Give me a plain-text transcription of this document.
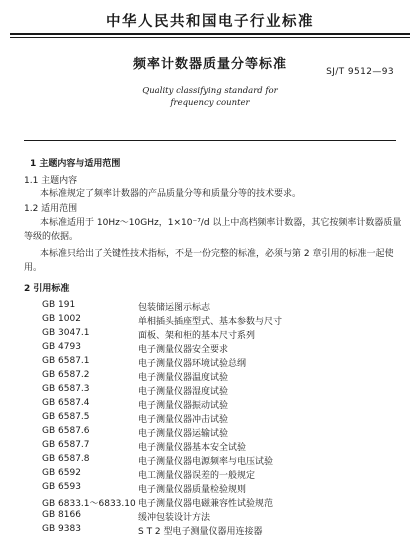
中华人民共和国电子行业标准
频率计数器质量分等标准	SJ/T 9512—93
Quality classifying standard for
frequency counter
1 主题内容与适用范围
1.1 主题内容
本标准规定了频率计数器的产品质量分等和质量分等的技术要求。
1.2 适用范围
本标准适用于 10Hz～10GHz，1×10⁻⁷/d 以上中高档频率计数器，其它按频率计数器质量
等级的依据。
本标准只给出了关键性技术指标，不是一份完整的标准，必须与第 2 章引用的标准一起使
用。
2 引用标准
GB 191	包装储运图示标志
GB 1002	单相插头插座型式、基本参数与尺寸
GB 3047.1	面板、架和柜的基本尺寸系列
GB 4793	电子测量仪器安全要求
GB 6587.1	电子测量仪器环境试验总纲
GB 6587.2	电子测量仪器温度试验
GB 6587.3	电子测量仪器湿度试验
GB 6587.4	电子测量仪器振动试验
GB 6587.5	电子测量仪器冲击试验
GB 6587.6	电子测量仪器运输试验
GB 6587.7	电子测量仪器基本安全试验
GB 6587.8	电子测量仪器电源频率与电压试验
GB 6592	电工测量仪器误差的一般规定
GB 6593	电子测量仪器质量检验规则
GB 6833.1～6833.10 电子测量仪器电磁兼容性试验规范
GB 8166	缓冲包装设计方法
GB 9383	S T 2 型电子测量仪器用连接器
